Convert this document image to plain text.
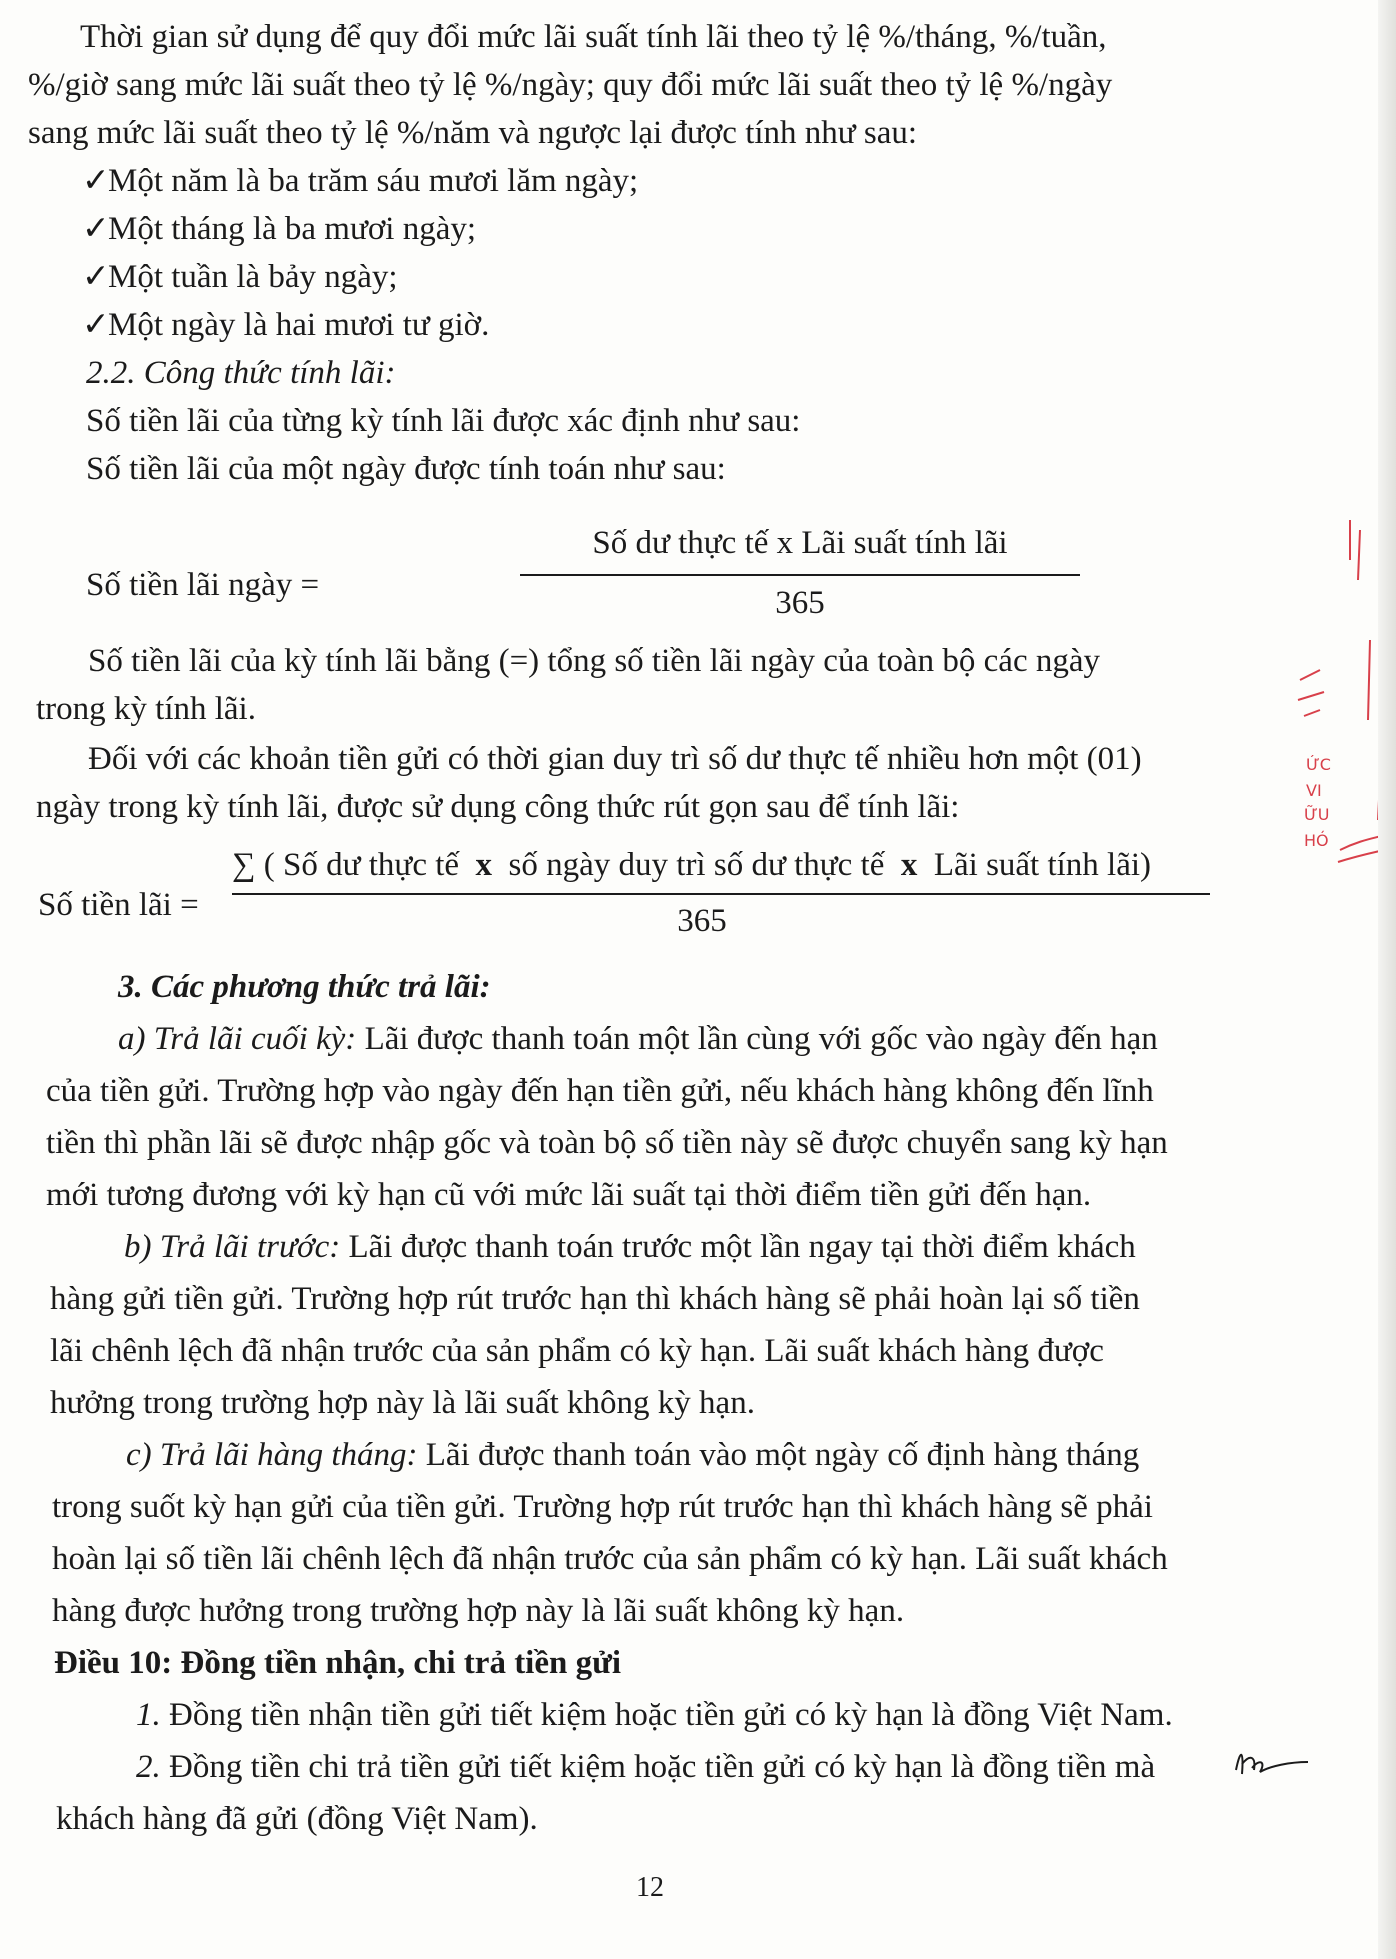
Thời gian sử dụng để quy đổi mức lãi suất tính lãi theo tỷ lệ %/tháng, %/tuần,
%/giờ sang mức lãi suất theo tỷ lệ %/ngày; quy đổi mức lãi suất theo tỷ lệ %/ngày
sang mức lãi suất theo tỷ lệ %/năm và ngược lại được tính như sau:
✓Một năm là ba trăm sáu mươi lăm ngày;
✓Một tháng là ba mươi ngày;
✓Một tuần là bảy ngày;
✓Một ngày là hai mươi tư giờ.
2.2. Công thức tính lãi:
Số tiền lãi của từng kỳ tính lãi được xác định như sau:
Số tiền lãi của một ngày được tính toán như sau:
Số tiền lãi ngày =
Số dư thực tế x Lãi suất tính lãi
365
Số tiền lãi của kỳ tính lãi bằng (=) tổng số tiền lãi ngày của toàn bộ các ngày
trong kỳ tính lãi.
Đối với các khoản tiền gửi có thời gian duy trì số dư thực tế nhiều hơn một (01)
ngày trong kỳ tính lãi, được sử dụng công thức rút gọn sau để tính lãi:
Số tiền lãi =
∑ ( Số dư thực tế x số ngày duy trì số dư thực tế x Lãi suất tính lãi)
365
3. Các phương thức trả lãi:
a) Trả lãi cuối kỳ: Lãi được thanh toán một lần cùng với gốc vào ngày đến hạn
của tiền gửi. Trường hợp vào ngày đến hạn tiền gửi, nếu khách hàng không đến lĩnh
tiền thì phần lãi sẽ được nhập gốc và toàn bộ số tiền này sẽ được chuyển sang kỳ hạn
mới tương đương với kỳ hạn cũ với mức lãi suất tại thời điểm tiền gửi đến hạn.
b) Trả lãi trước: Lãi được thanh toán trước một lần ngay tại thời điểm khách
hàng gửi tiền gửi. Trường hợp rút trước hạn thì khách hàng sẽ phải hoàn lại số tiền
lãi chênh lệch đã nhận trước của sản phẩm có kỳ hạn. Lãi suất khách hàng được
hưởng trong trường hợp này là lãi suất không kỳ hạn.
c) Trả lãi hàng tháng: Lãi được thanh toán vào một ngày cố định hàng tháng
trong suốt kỳ hạn gửi của tiền gửi. Trường hợp rút trước hạn thì khách hàng sẽ phải
hoàn lại số tiền lãi chênh lệch đã nhận trước của sản phẩm có kỳ hạn. Lãi suất khách
hàng được hưởng trong trường hợp này là lãi suất không kỳ hạn.
Điều 10: Đồng tiền nhận, chi trả tiền gửi
1. Đồng tiền nhận tiền gửi tiết kiệm hoặc tiền gửi có kỳ hạn là đồng Việt Nam.
2. Đồng tiền chi trả tiền gửi tiết kiệm hoặc tiền gửi có kỳ hạn là đồng tiền mà
khách hàng đã gửi (đồng Việt Nam).
12
ỨC
VI
ỮU
HÓ
